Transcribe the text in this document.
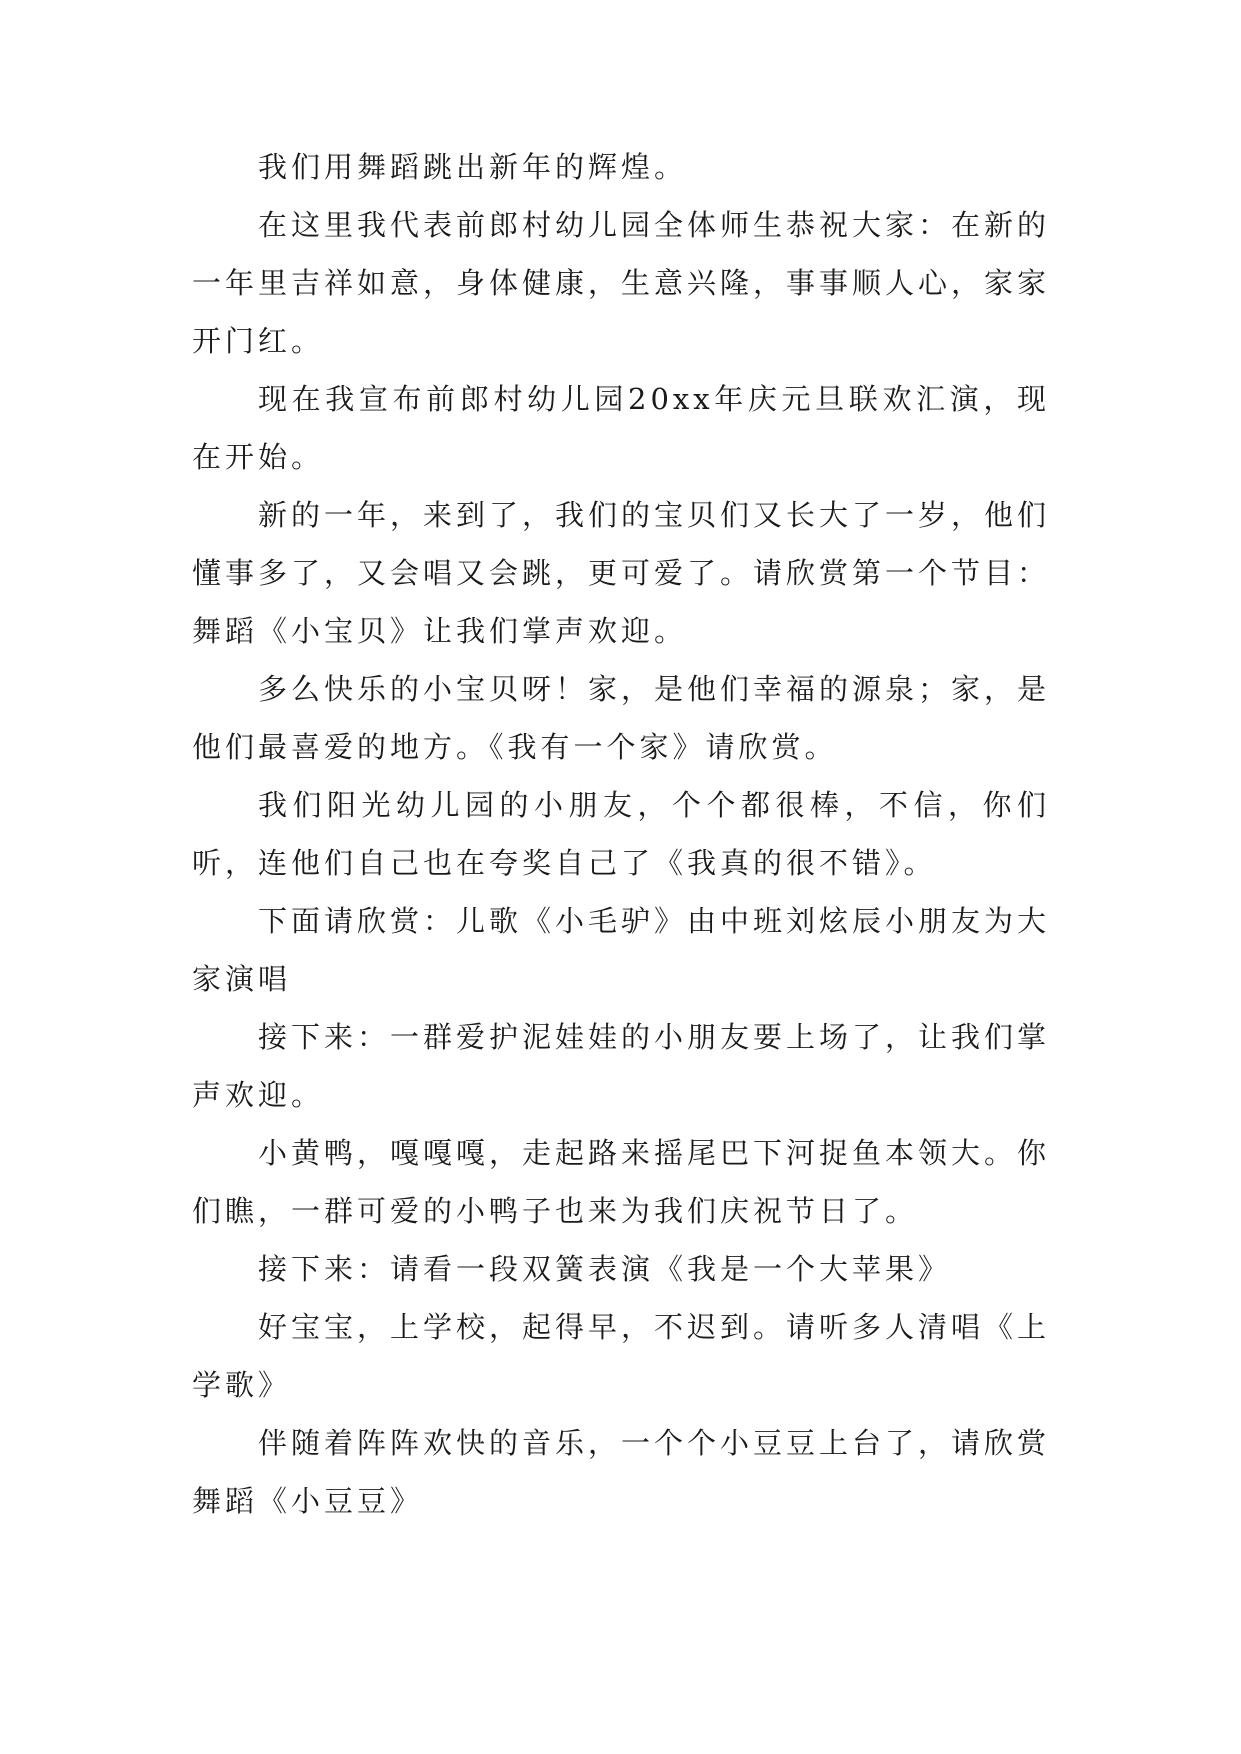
我们用舞蹈跳出新年的辉煌。

在这里我代表前郎村幼儿园全体师生恭祝大家：在新的一年里吉祥如意，身体健康，生意兴隆，事事顺人心，家家开门红。

现在我宣布前郎村幼儿园20xx年庆元旦联欢汇演，现在开始。

新的一年，来到了，我们的宝贝们又长大了一岁，他们懂事多了，又会唱又会跳，更可爱了。请欣赏第一个节目：舞蹈《小宝贝》让我们掌声欢迎。

多么快乐的小宝贝呀！家，是他们幸福的源泉；家，是他们最喜爱的地方。《我有一个家》请欣赏。

我们阳光幼儿园的小朋友，个个都很棒，不信，你们听，连他们自己也在夸奖自己了《我真的很不错》。

下面请欣赏：儿歌《小毛驴》由中班刘炫辰小朋友为大家演唱

接下来：一群爱护泥娃娃的小朋友要上场了，让我们掌声欢迎。

小黄鸭，嘎嘎嘎，走起路来摇尾巴下河捉鱼本领大。你们瞧，一群可爱的小鸭子也来为我们庆祝节日了。

接下来：请看一段双簧表演《我是一个大苹果》

好宝宝，上学校，起得早，不迟到。请听多人清唱《上学歌》

伴随着阵阵欢快的音乐，一个个小豆豆上台了，请欣赏舞蹈《小豆豆》
